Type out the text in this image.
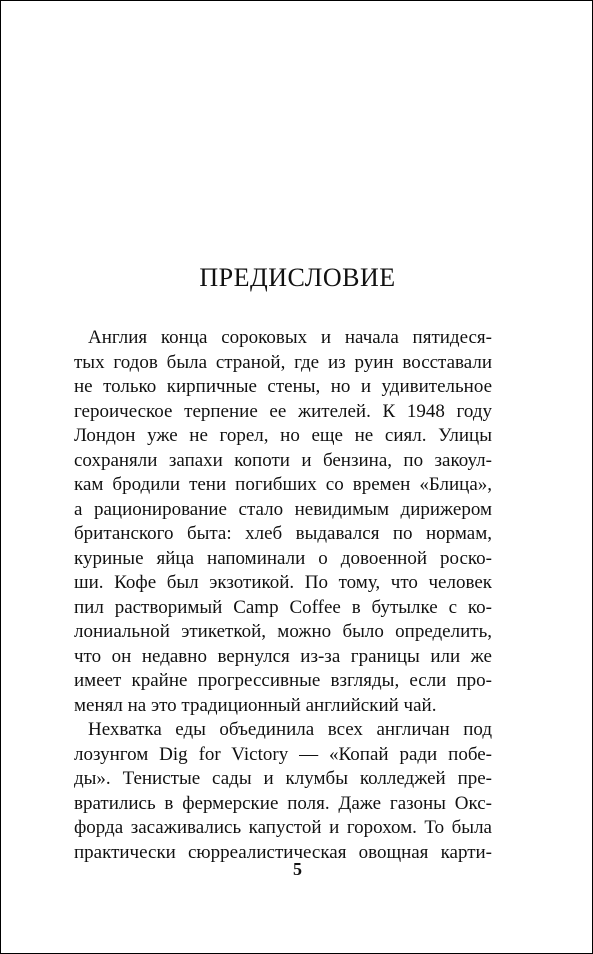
ПРЕДИСЛОВИЕ
Англия конца сороковых и начала пятидеся-
тых годов была страной, где из руин восставали
не только кирпичные стены, но и удивительное
героическое терпение ее жителей. К 1948 году
Лондон уже не горел, но еще не сиял. Улицы
сохраняли запахи копоти и бензина, по закоул-
кам бродили тени погибших со времен «Блица»,
а рационирование стало невидимым дирижером
британского быта: хлеб выдавался по нормам,
куриные яйца напоминали о довоенной роско-
ши. Кофе был экзотикой. По тому, что человек
пил растворимый Camp Coffee в бутылке с ко-
лониальной этикеткой, можно было определить,
что он недавно вернулся из-за границы или же
имеет крайне прогрессивные взгляды, если про-
менял на это традиционный английский чай.
Нехватка еды объединила всех англичан под
лозунгом Dig for Victory — «Копай ради побе-
ды». Тенистые сады и клумбы колледжей пре-
вратились в фермерские поля. Даже газоны Окс-
форда засаживались капустой и горохом. То была
практически сюрреалистическая овощная карти-
5
